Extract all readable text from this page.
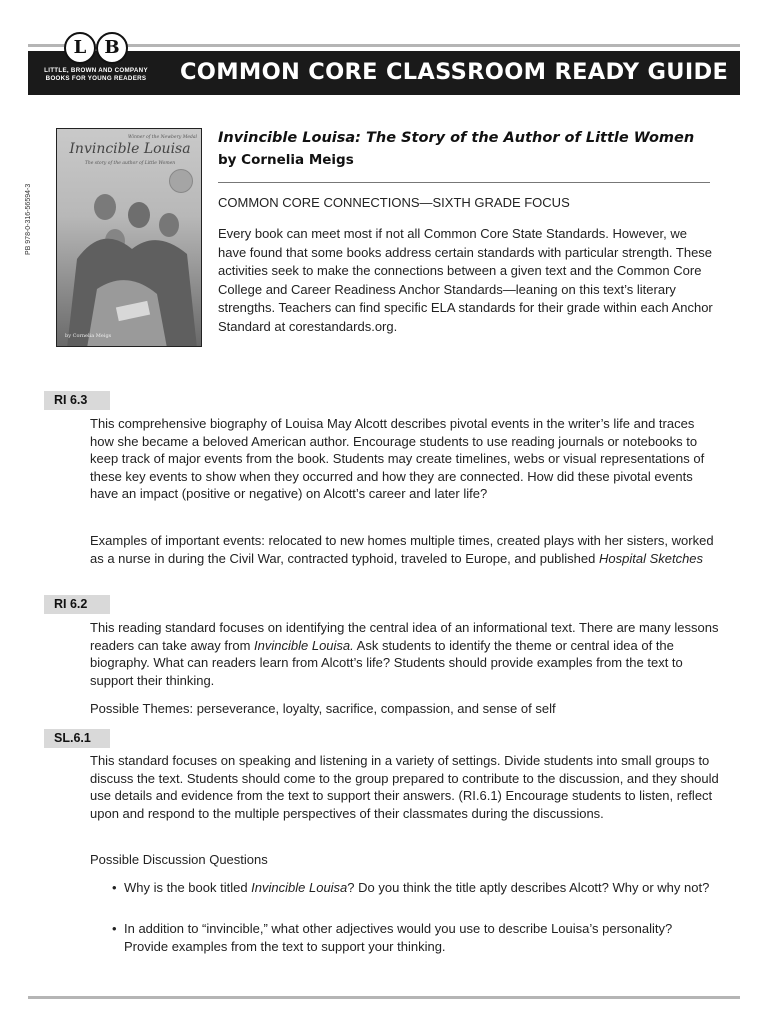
L	B
LITTLE, BROWN AND COMPANY
BOOKS FOR YOUNG READERS	COMMON CORE CLASSROOM READY GUIDE
Winner of the Newbery Medal
Invincible Louisa
The story of the author of Little Women
by Cornelia Meigs
PB 978-0-316-56594-3
Invincible Louisa: The Story of the Author of Little Women
by Cornelia Meigs
COMMON CORE CONNECTIONS—SIXTH GRADE FOCUS
Every book can meet most if not all Common Core State Standards. However, we have found that some books address certain standards with particular strength. These activities seek to make the connections between a given text and the Common Core College and Career Readiness Anchor Standards—leaning on this text’s literary strengths. Teachers can find specific ELA standards for their grade within each Anchor Standard at corestandards.org.
RI 6.3
This comprehensive biography of Louisa May Alcott describes pivotal events in the writer’s life and traces how she became a beloved American author. Encourage students to use reading journals or notebooks to keep track of major events from the book. Students may create timelines, webs or visual representations of these key events to show when they occurred and how they are connected. How did these pivotal events have an impact (positive or negative) on Alcott’s career and later life?
Examples of important events: relocated to new homes multiple times, created plays with her sisters, worked as a nurse in during the Civil War, contracted typhoid, traveled to Europe, and published Hospital Sketches
RI 6.2
This reading standard focuses on identifying the central idea of an informational text. There are many lessons readers can take away from Invincible Louisa. Ask students to identify the theme or central idea of the biography. What can readers learn from Alcott’s life? Students should provide examples from the text to support their thinking.
Possible Themes: perseverance, loyalty, sacrifice, compassion, and sense of self
SL.6.1
This standard focuses on speaking and listening in a variety of settings. Divide students into small groups to discuss the text. Students should come to the group prepared to contribute to the discussion, and they should use details and evidence from the text to support their answers. (RI.6.1) Encourage students to listen, reflect upon and respond to the multiple perspectives of their classmates during the discussions.
Possible Discussion Questions
• Why is the book titled Invincible Louisa? Do you think the title aptly describes Alcott? Why or why not?
• In addition to “invincible,” what other adjectives would you use to describe Louisa’s personality? Provide examples from the text to support your thinking.
